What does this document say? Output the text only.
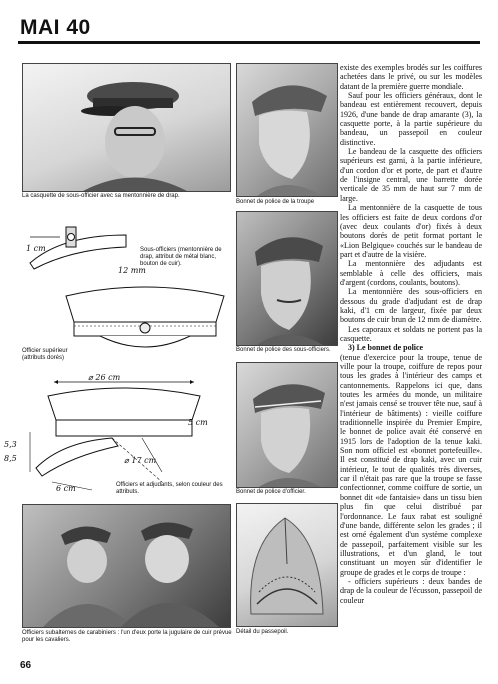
MAI 40
La casquette de sous-officier avec sa mentonnière de drap.
Bonnet de police de la troupe
Bonnet de police des sous-officiers.
Bonnet de police d'officier.
Détail du passepoil.
1 cm
12 mm
Sous-officiers (mentonnière de drap, attribut de métal blanc, bouton de cuir).
Officier supérieur (attributs dorés)
⌀ 26 cm
5 cm
⌀ 17 cm
5,3
8,5
6 cm	Officiers et adjudants, selon couleur des attributs.
Officiers subalternes de carabiniers : l'un d'eux porte la jugulaire de cuir prévue pour les cavaliers.

existe des exemples brodés sur les coiffures achetées dans le privé, ou sur les modèles datant de la première guerre mondiale.

Sauf pour les officiers généraux, dont le bandeau est entièrement recouvert, depuis 1926, d'une bande de drap amarante (3), la casquette porte, à la partie supérieure du bandeau, un passepoil en couleur distinctive.

Le bandeau de la casquette des officiers supérieurs est garni, à la partie inférieure, d'un cordon d'or et porte, de part et d'autre de l'insigne central, une barrette dorée verticale de 35 mm de haut sur 7 mm de large.

La mentonnière de la casquette de tous les officiers est faite de deux cordons d'or (avec deux coulants d'or) fixés à deux boutons dorés de petit format portant le «Lion Belgique» couchés sur le bandeau de part et d'autre de la visière.

La mentonnière des adjudants est semblable à celle des officiers, mais d'argent (cordons, coulants, boutons).

La mentonnière des sous-officiers en dessous du grade d'adjudant est de drap kaki, d'1 cm de largeur, fixée par deux boutons de cuir brun de 12 mm de diamètre.

Les caporaux et soldats ne portent pas la casquette.

3) Le bonnet de police

(tenue d'exercice pour la troupe, tenue de ville pour la troupe, coiffure de repos pour tous les grades à l'intérieur des camps et cantonnements. Rappelons ici que, dans toutes les armées du monde, un militaire n'est jamais censé se trouver tête nue, sauf à l'intérieur de bâtiments) : vieille coiffure traditionnelle inspirée du Premier Empire, le bonnet de police avait été conservé en 1915 lors de l'adoption de la tenue kaki. Son nom officiel est «bonnet portefeuille». Il est constitué de drap kaki, avec un cuir intérieur, le tout de qualités très diverses, car il n'était pas rare que la troupe se fasse confectionner, comme coiffure de sortie, un bonnet dit «de fantaisie» dans un tissu bien plus fin que celui distribué par l'ordonnance. Le faux rabat est souligné d'une bande, différente selon les grades ; il est orné également d'un système complexe de passepoil, parfaitement visible sur les illustrations, et d'un gland, le tout constituant un moyen sûr d'identifier le groupe de grades et le corps de troupe :

- officiers supérieurs : deux bandes de drap de la couleur de l'écusson, passepoil de couleur

66
